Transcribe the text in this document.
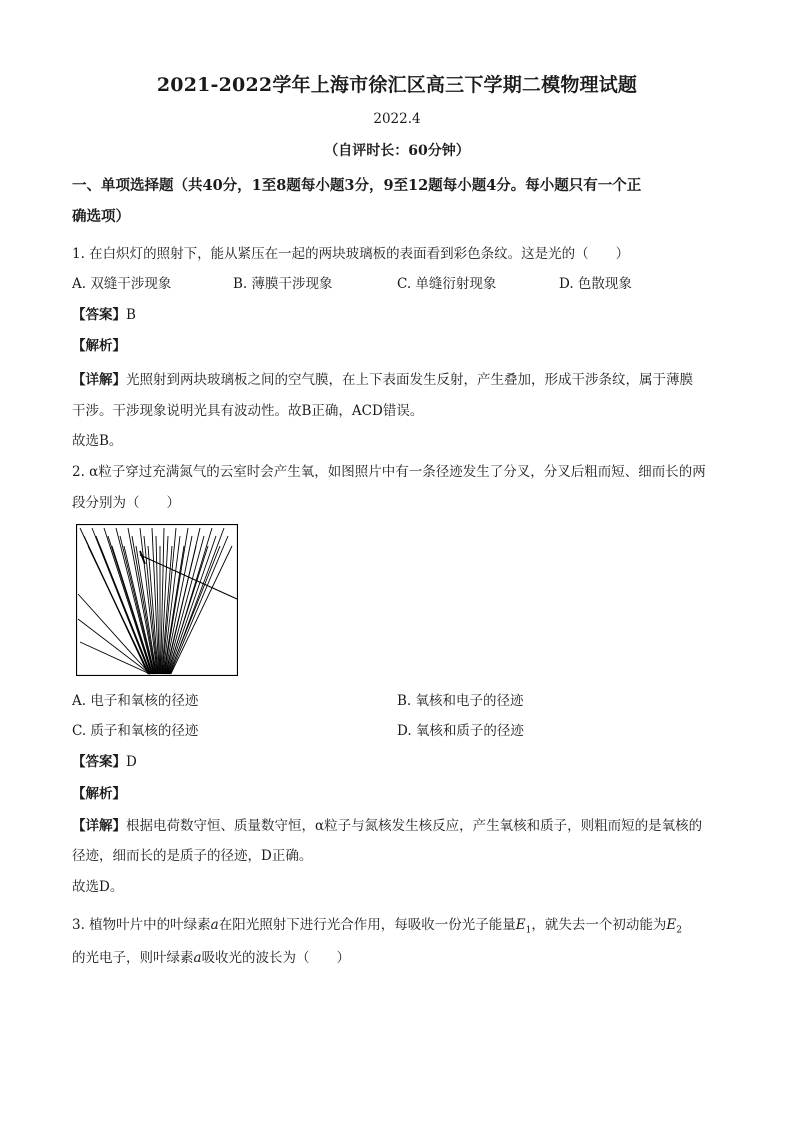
2021-2022学年上海市徐汇区高三下学期二模物理试题
2022.4
（自评时长：60分钟）
一、单项选择题（共40分，1至8题每小题3分，9至12题每小题4分。每小题只有一个正
确选项）
1. 在白炽灯的照射下，能从紧压在一起的两块玻璃板的表面看到彩色条纹。这是光的（　　）
A. 双缝干涉现象	B. 薄膜干涉现象	C. 单缝衍射现象	D. 色散现象
【答案】B
【解析】
【详解】光照射到两块玻璃板之间的空气膜，在上下表面发生反射，产生叠加，形成干涉条纹，属于薄膜
干涉。干涉现象说明光具有波动性。故B正确，ACD错误。
故选B。
2. α粒子穿过充满氮气的云室时会产生氧，如图照片中有一条径迹发生了分叉，分叉后粗而短、细而长的两
段分别为（　　）
A. 电子和氧核的径迹	B. 氧核和电子的径迹
C. 质子和氧核的径迹	D. 氧核和质子的径迹
【答案】D
【解析】
【详解】根据电荷数守恒、质量数守恒，α粒子与氮核发生核反应，产生氧核和质子，则粗而短的是氧核的
径迹，细而长的是质子的径迹，D正确。
故选D。
3. 植物叶片中的叶绿素a在阳光照射下进行光合作用，每吸收一份光子能量$E_1$，就失去一个初动能为$E_2$
的光电子，则叶绿素a吸收光的波长为（　　）
